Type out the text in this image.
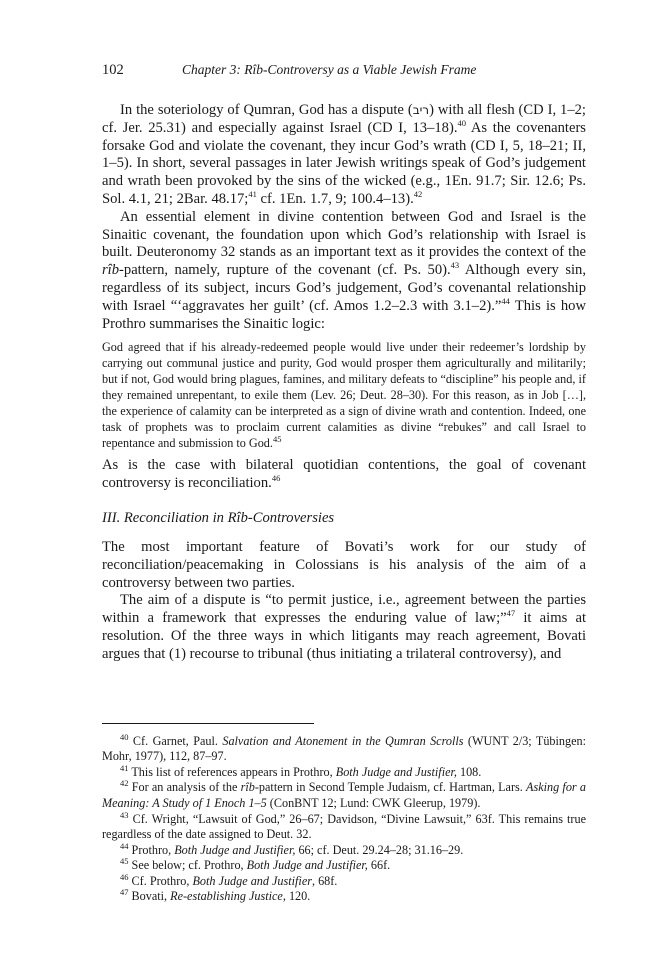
102	Chapter 3: Rîb-Controversy as a Viable Jewish Frame

In the soteriology of Qumran, God has a dispute (ריב) with all flesh (CD I, 1–2; cf. Jer. 25.31) and especially against Israel (CD I, 13–18).$^{40}$ As the covenanters forsake God and violate the covenant, they incur God’s wrath (CD I, 5, 18–21; II, 1–5). In short, several passages in later Jewish writings speak of God’s judgement and wrath been provoked by the sins of the wicked (e.g., 1En. 91.7; Sir. 12.6; Ps. Sol. 4.1, 21; 2Bar. 48.17;$^{41}$ cf. 1En. 1.7, 9; 100.4–13).$^{42}$

An essential element in divine contention between God and Israel is the Sinaitic covenant, the foundation upon which God’s relationship with Israel is built. Deuteronomy 32 stands as an important text as it provides the context of the rîb-pattern, namely, rupture of the covenant (cf. Ps. 50).$^{43}$ Although every sin, regardless of its subject, incurs God’s judgement, God’s covenantal relationship with Israel “‘aggravates her guilt’ (cf. Amos 1.2–2.3 with 3.1–2).”$^{44}$ This is how Prothro summarises the Sinaitic logic:

God agreed that if his already-redeemed people would live under their redeemer’s lordship by carrying out communal justice and purity, God would prosper them agriculturally and militarily; but if not, God would bring plagues, famines, and military defeats to “discipline” his people and, if they remained unrepentant, to exile them (Lev. 26; Deut. 28–30). For this reason, as in Job […], the experience of calamity can be interpreted as a sign of divine wrath and contention. Indeed, one task of prophets was to proclaim current calamities as divine “rebukes” and call Israel to repentance and submission to God.$^{45}$

As is the case with bilateral quotidian contentions, the goal of covenant controversy is reconciliation.$^{46}$

III. Reconciliation in Rîb-Controversies

The most important feature of Bovati’s work for our study of reconciliation/peacemaking in Colossians is his analysis of the aim of a controversy between two parties.

The aim of a dispute is “to permit justice, i.e., agreement between the parties within a framework that expresses the enduring value of law;”$^{47}$ it aims at resolution. Of the three ways in which litigants may reach agreement, Bovati argues that (1) recourse to tribunal (thus initiating a trilateral controversy), and

$^{40}$ Cf. Garnet, Paul. Salvation and Atonement in the Qumran Scrolls (WUNT 2/3; Tübingen: Mohr, 1977), 112, 87–97.

$^{41}$ This list of references appears in Prothro, Both Judge and Justifier, 108.

$^{42}$ For an analysis of the rîb-pattern in Second Temple Judaism, cf. Hartman, Lars. Asking for a Meaning: A Study of 1 Enoch 1–5 (ConBNT 12; Lund: CWK Gleerup, 1979).

$^{43}$ Cf. Wright, “Lawsuit of God,” 26–67; Davidson, “Divine Lawsuit,” 63f. This remains true regardless of the date assigned to Deut. 32.

$^{44}$ Prothro, Both Judge and Justifier, 66; cf. Deut. 29.24–28; 31.16–29.

$^{45}$ See below; cf. Prothro, Both Judge and Justifier, 66f.

$^{46}$ Cf. Prothro, Both Judge and Justifier, 68f.

$^{47}$ Bovati, Re-establishing Justice, 120.
